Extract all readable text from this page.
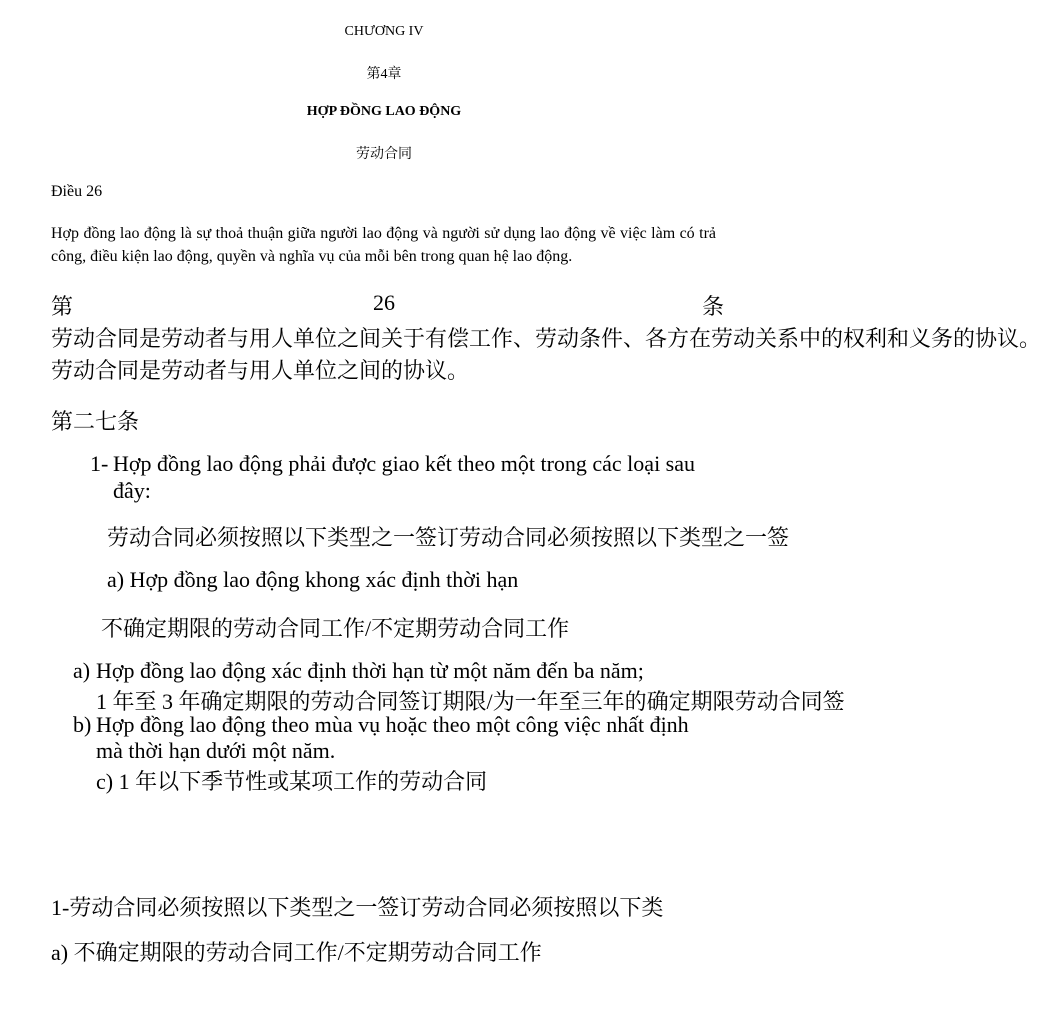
CHƯƠNG IV
第4章
HỢP ĐỒNG LAO ĐỘNG
劳动合同
Điều 26
Hợp đồng lao động là sự thoả thuận giữa người lao động và người sử dụng lao động về việc làm có trả công, điều kiện lao động, quyền và nghĩa vụ của mỗi bên trong quan hệ lao động.
第	26	条
劳动合同是劳动者与用人单位之间关于有偿工作、劳动条件、各方在劳动关系中的权利和义务的协议。
劳动合同是劳动者与用人单位之间的协议。
第二七条
1- Hợp đồng lao động phải được giao kết theo một trong các loại sau
đây:
劳动合同必须按照以下类型之一签订劳动合同必须按照以下类型之一签
a) Hợp đồng lao động khong xác định thời hạn
不确定期限的劳动合同工作/不定期劳动合同工作
a) Hợp đồng lao động xác định thời hạn từ một năm đến ba năm;
1 年至 3 年确定期限的劳动合同签订期限/为一年至三年的确定期限劳动合同签
b) Hợp đồng lao động theo mùa vụ hoặc theo một công việc nhất định
mà thời hạn dưới một năm.
c) 1 年以下季节性或某项工作的劳动合同
1-劳动合同必须按照以下类型之一签订劳动合同必须按照以下类
a) 不确定期限的劳动合同工作/不定期劳动合同工作
